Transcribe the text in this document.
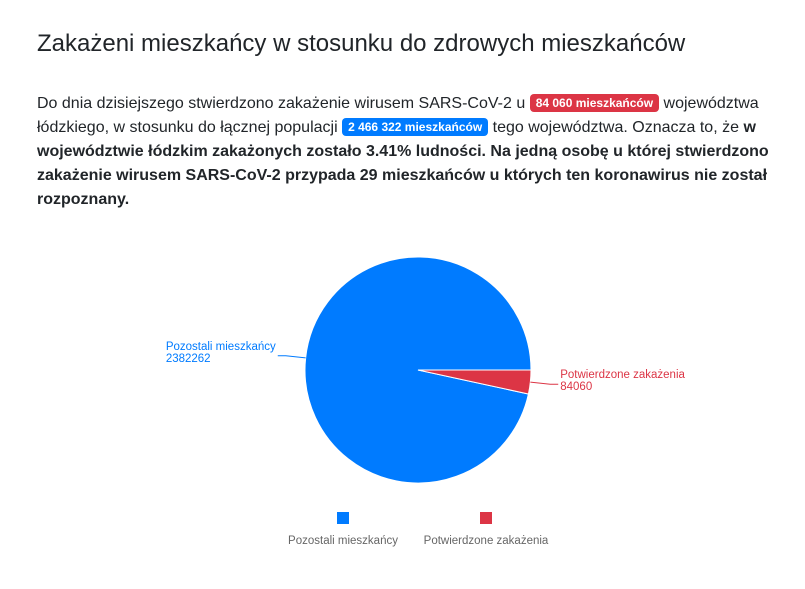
Zakażeni mieszkańcy w stosunku do zdrowych mieszkańców

Do dnia dzisiejszego stwierdzono zakażenie wirusem SARS-CoV-2 u 84 060 mieszkańców województwa łódzkiego, w stosunku do łącznej populacji 2 466 322 mieszkańców tego województwa. Oznacza to, że w województwie łódzkim zakażonych zostało 3.41% ludności. Na jedną osobę u której stwierdzono zakażenie wirusem SARS-CoV-2 przypada 29 mieszkańców u których ten koronawirus nie został rozpoznany.

Pozostali mieszkańcy
2382262
Potwierdzone zakażenia
84060
Pozostali mieszkańcy Potwierdzone zakażenia
